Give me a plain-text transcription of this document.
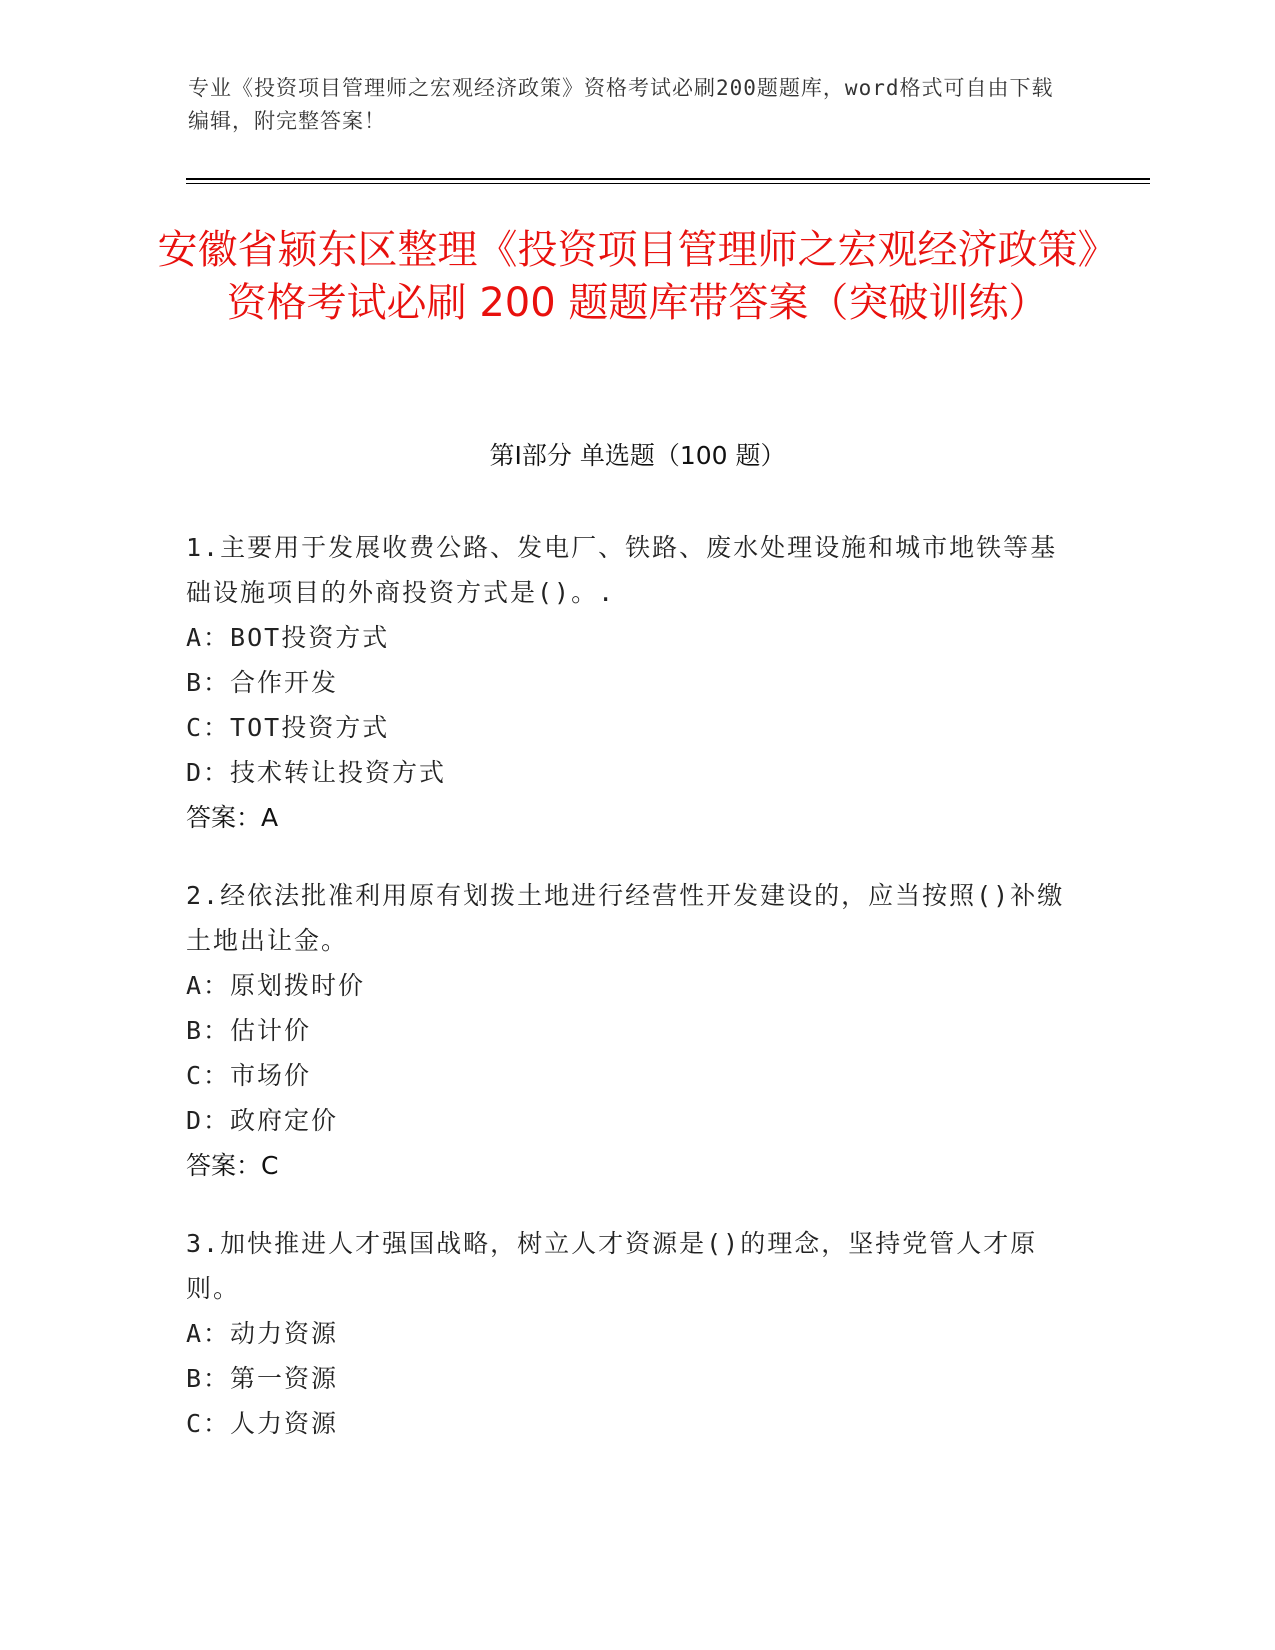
专业《投资项目管理师之宏观经济政策》资格考试必刷200题题库，word格式可自由下载编辑，附完整答案！
安徽省颍东区整理《投资项目管理师之宏观经济政策》资格考试必刷 200 题题库带答案（突破训练）
第Ⅰ部分 单选题（100 题）

1.主要用于发展收费公路、发电厂、铁路、废水处理设施和城市地铁等基础设施项目的外商投资方式是()。.

A：BOT投资方式

B：合作开发

C：TOT投资方式

D：技术转让投资方式

答案：A

2.经依法批准利用原有划拨土地进行经营性开发建设的，应当按照()补缴土地出让金。

A：原划拨时价

B：估计价

C：市场价

D：政府定价

答案：C

3.加快推进人才强国战略，树立人才资源是()的理念，坚持党管人才原则。

A：动力资源

B：第一资源

C：人力资源
